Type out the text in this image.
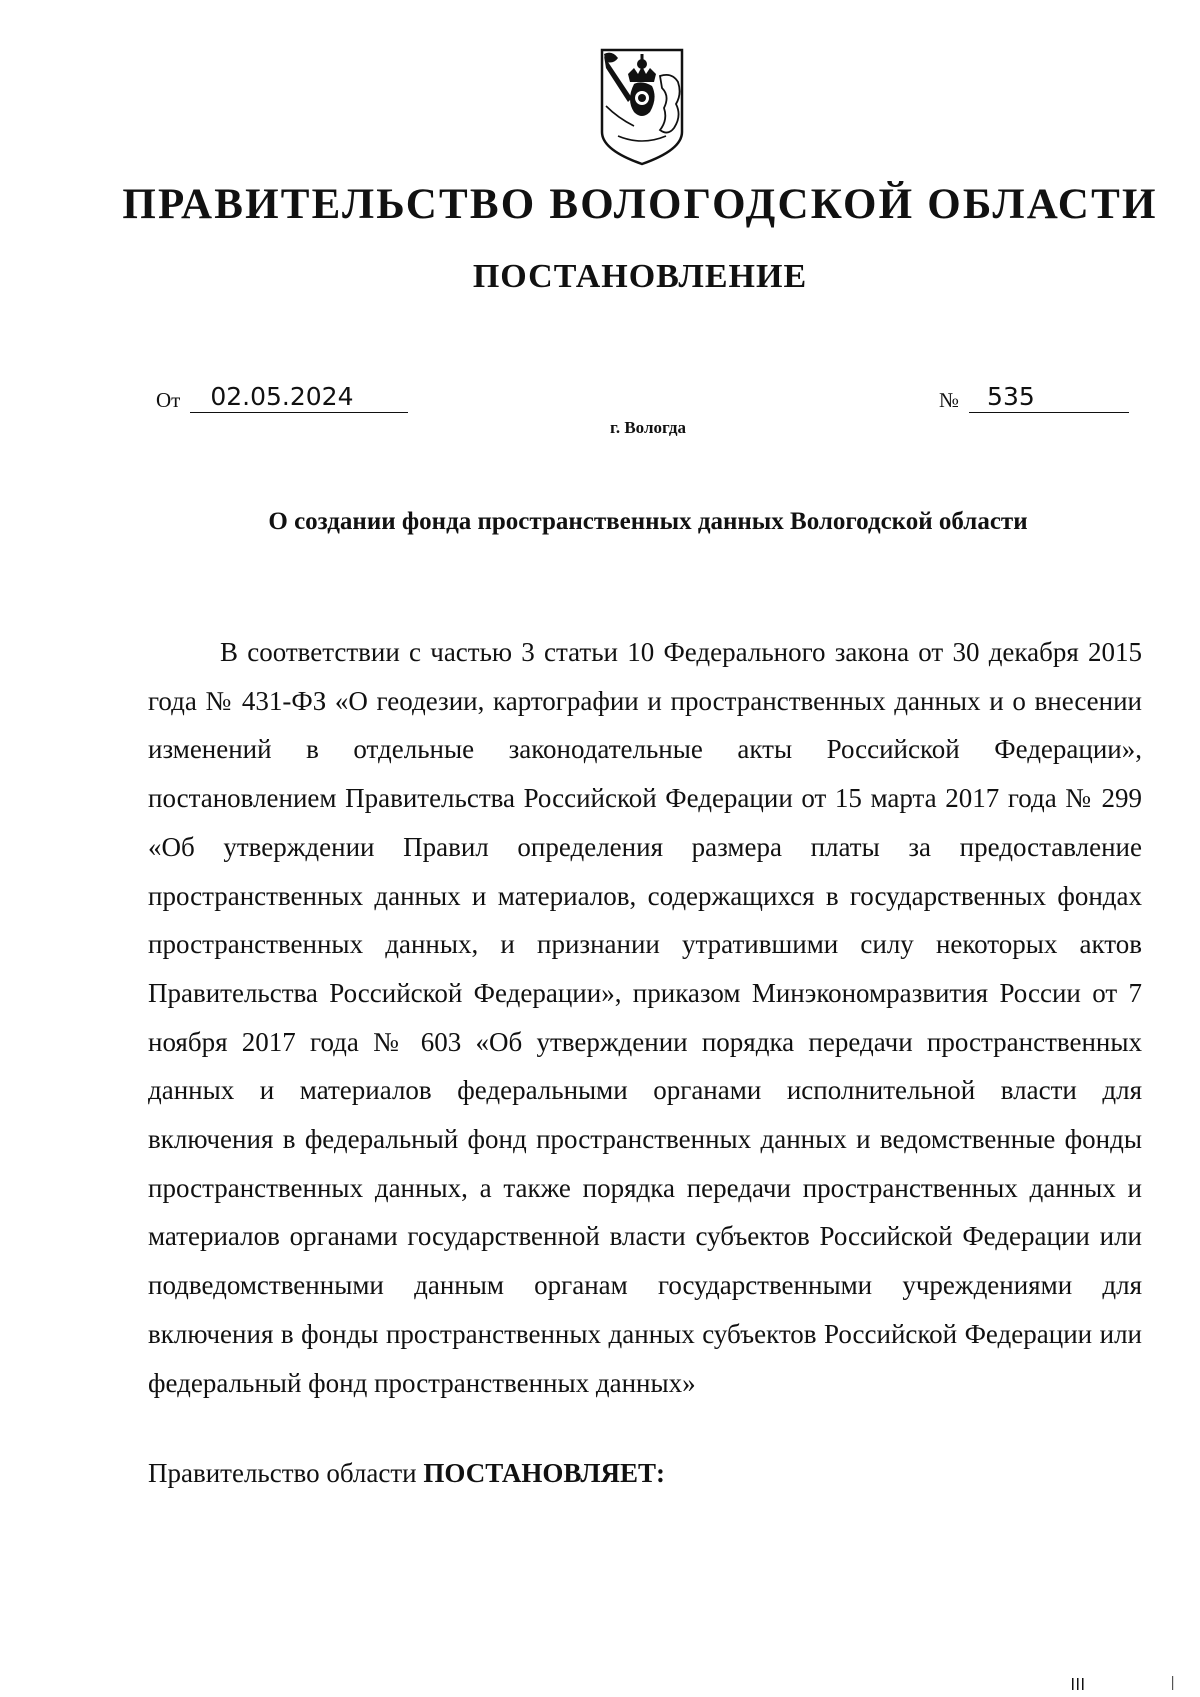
ПРАВИТЕЛЬСТВО ВОЛОГОДСКОЙ ОБЛАСТИ
ПОСТАНОВЛЕНИЕ
От	02.05.2024	№	535
г. Вологда
О создании фонда пространственных данных Вологодской области

В соответствии с частью 3 статьи 10 Федерального закона от 30 декабря 2015 года № 431-ФЗ «О геодезии, картографии и пространственных данных и о внесении изменений в отдельные законодательные акты Российской Федерации», постановлением Правительства Российской Федерации от 15 марта 2017 года № 299 «Об утверждении Правил определения размера платы за предоставление пространственных данных и материалов, содержащихся в государственных фондах пространственных данных, и признании утратившими силу некоторых актов Правительства Российской Федерации», приказом Минэкономразвития России от 7 ноября 2017 года № 603 «Об утверждении порядка передачи пространственных данных и материалов федеральными органами исполнительной власти для включения в федеральный фонд пространственных данных и ведомственные фонды пространственных данных, а также порядка передачи пространственных данных и материалов органами государственной власти субъектов Российской Федерации или подведомственными данным органам государственными учреждениями для включения в фонды пространственных данных субъектов Российской Федерации или федеральный фонд пространственных данных»

Правительство области ПОСТАНОВЛЯЕТ:
